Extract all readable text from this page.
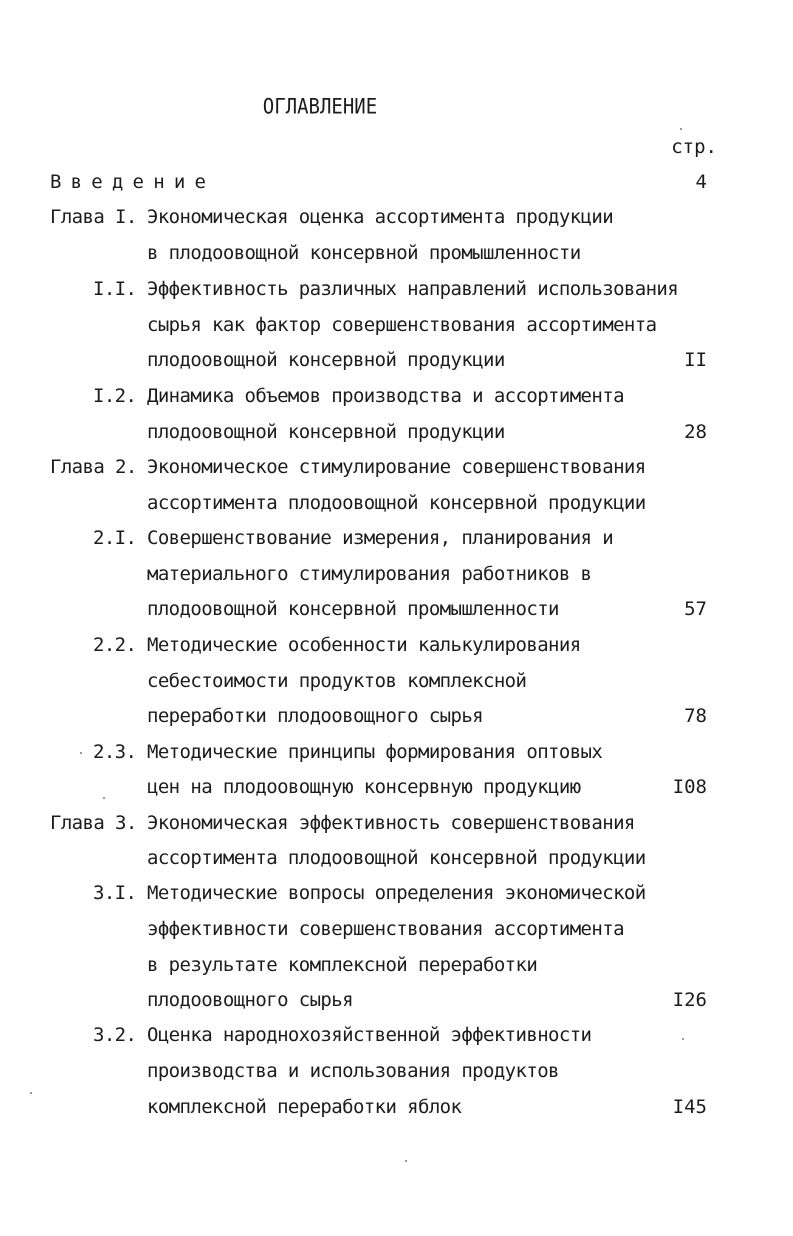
ОГЛАВЛЕНИЕ
стр.
Введение	4
Глава I. Экономическая оценка ассортимента продукции
в плодоовощной консервной промышленности
I.I. Эффективность различных направлений использования
сырья как фактор совершенствования ассортимента
плодоовощной консервной продукции	II
I.2. Динамика объемов производства и ассортимента
плодоовощной консервной продукции	28
Глава 2. Экономическое стимулирование совершенствования
ассортимента плодоовощной консервной продукции
2.I. Совершенствование измерения, планирования и
материального стимулирования работников в
плодоовощной консервной промышленности	57
2.2. Методические особенности калькулирования
себестоимости продуктов комплексной
переработки плодоовощного сырья	78
2.3. Методические принципы формирования оптовых
цен на плодоовощную консервную продукцию	I08
Глава 3. Экономическая эффективность совершенствования
ассортимента плодоовощной консервной продукции
3.I. Методические вопросы определения экономической
эффективности совершенствования ассортимента
в результате комплексной переработки
плодоовощного сырья	I26
3.2. Оценка народнохозяйственной эффективности
производства и использования продуктов
комплексной переработки яблок	I45
